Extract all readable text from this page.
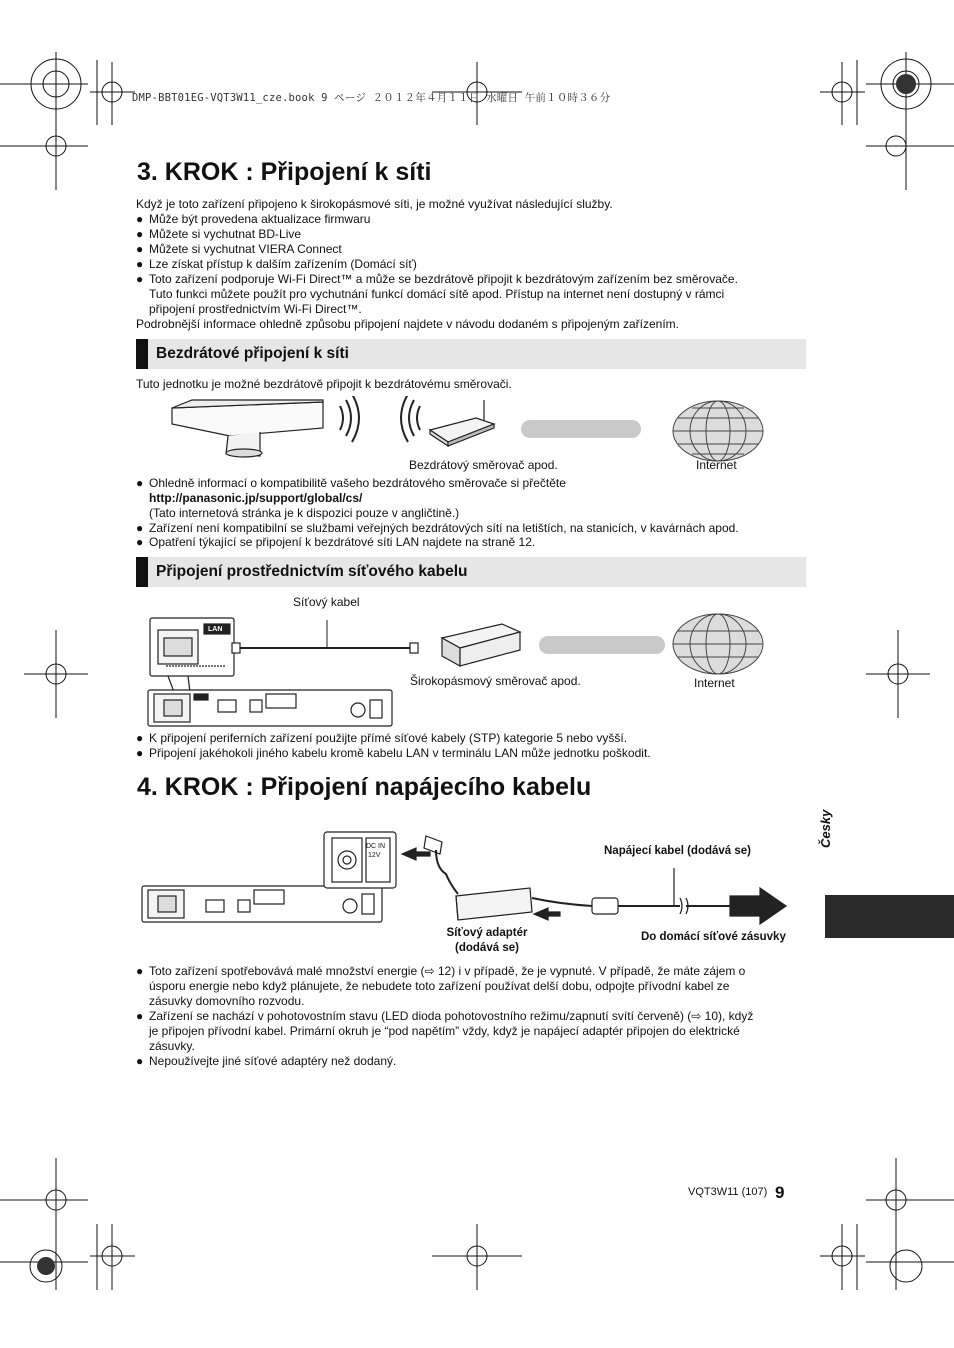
DMP-BBT01EG-VQT3W11_cze.book 9 ページ ２０１２年４月１１日 水曜日 午前１０時３６分
3. KROK : Připojení k síti
Když je toto zařízení připojeno k širokopásmové síti, je možné využívat následující služby.
● Může být provedena aktualizace firmwaru
● Můžete si vychutnat BD-Live
● Můžete si vychutnat VIERA Connect
● Lze získat přístup k dalším zařízením (Domácí síť)
● Toto zařízení podporuje Wi-Fi Direct™ a může se bezdrátově připojit k bezdrátovým zařízením bez směrovače.
Tuto funkci můžete použít pro vychutnání funkcí domácí sítě apod. Přístup na internet není dostupný v rámci
připojení prostřednictvím Wi-Fi Direct™.
Podrobnější informace ohledně způsobu připojení najdete v návodu dodaném s připojeným zařízením.
Bezdrátové připojení k síti
Tuto jednotku je možné bezdrátově připojit k bezdrátovému směrovači.
Bezdrátový směrovač apod.	Internet
● Ohledně informací o kompatibilitě vašeho bezdrátového směrovače si přečtěte
http://panasonic.jp/support/global/cs/
(Tato internetová stránka je k dispozici pouze v angličtině.)
● Zařízení není kompatibilní se službami veřejných bezdrátových sítí na letištích, na stanicích, v kavárnách apod.
● Opatření týkající se připojení k bezdrátové síti LAN najdete na straně 12.
Připojení prostřednictvím síťového kabelu
Síťový kabel
LAN
Širokopásmový směrovač apod.	Internet
● K připojení periferních zařízení použijte přímé síťové kabely (STP) kategorie 5 nebo vyšší.
● Připojení jakéhokoli jiného kabelu kromě kabelu LAN v terminálu LAN může jednotku poškodit.
4. KROK : Připojení napájecího kabelu
DC IN
12V	Napájecí kabel (dodává se)
Síťový adaptér
(dodává se)
Do domácí síťové zásuvky
● Toto zařízení spotřebovává malé množství energie (⇨ 12) i v případě, že je vypnuté. V případě, že máte zájem o
úsporu energie nebo když plánujete, že nebudete toto zařízení používat delší dobu, odpojte přívodní kabel ze
zásuvky domovního rozvodu.
● Zařízení se nachází v pohotovostním stavu (LED dioda pohotovostního režimu/zapnutí svítí červeně) (⇨ 10), když
je připojen přívodní kabel. Primární okruh je “pod napětím” vždy, když je napájecí adaptér připojen do elektrické
zásuvky.
● Nepoužívejte jiné síťové adaptéry než dodaný.
Česky
VQT3W11 (107) 9
